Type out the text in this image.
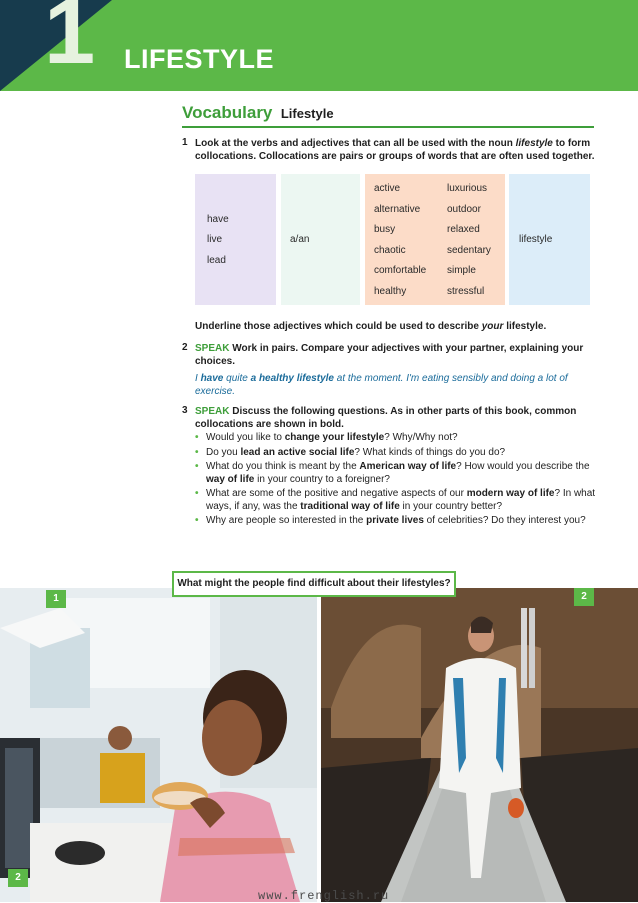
1 LIFESTYLE
Vocabulary Lifestyle
1 Look at the verbs and adjectives that can all be used with the noun lifestyle to form collocations. Collocations are pairs or groups of words that are often used together.
have
live
lead
a/an
active
alternative
busy
chaotic
comfortable
healthy
luxurious
outdoor
relaxed
sedentary
simple
stressful
lifestyle
Underline those adjectives which could be used to describe your lifestyle.
2 SPEAK Work in pairs. Compare your adjectives with your partner, explaining your choices.
I have quite a healthy lifestyle at the moment. I'm eating sensibly and doing a lot of exercise.
3 SPEAK Discuss the following questions. As in other parts of this book, common collocations are shown in bold.
• Would you like to change your lifestyle? Why/Why not?
• Do you lead an active social life? What kinds of things do you do?
• What do you think is meant by the American way of life? How would you describe the way of life in your country to a foreigner?
• What are some of the positive and negative aspects of our modern way of life? In what ways, if any, was the traditional way of life in your country better?
• Why are people so interested in the private lives of celebrities? Do they interest you?
1
2
2
What might the people find difficult about their lifestyles?
www.frenglish.ru
